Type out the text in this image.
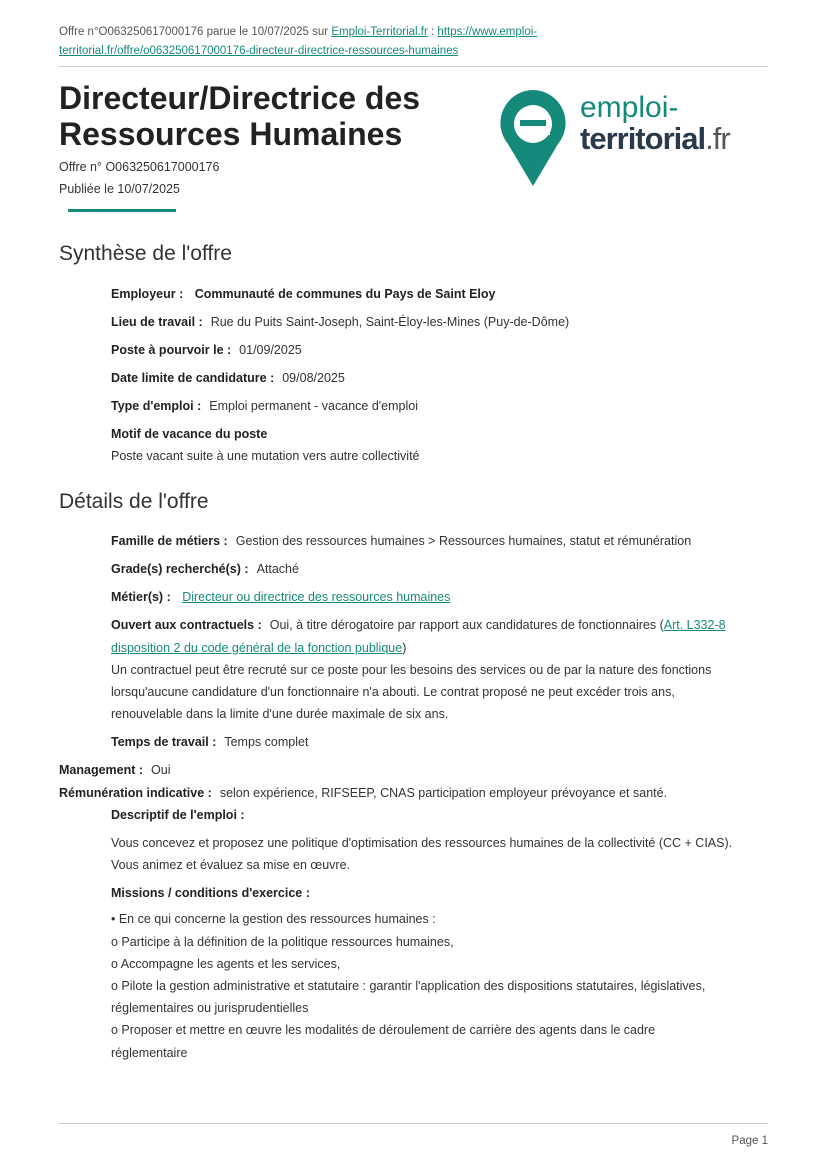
Offre n°O063250617000176 parue le 10/07/2025 sur Emploi-Territorial.fr : https://www.emploi-
territorial.fr/offre/o063250617000176-directeur-directrice-ressources-humaines
Directeur/Directrice des
Ressources Humaines
Offre n° O063250617000176
Publiée le 10/07/2025
emploi-
territorial.fr
Synthèse de l'offre
Employeur : Communauté de communes du Pays de Saint Eloy
Lieu de travail : Rue du Puits Saint-Joseph, Saint-Éloy-les-Mines (Puy-de-Dôme)
Poste à pourvoir le : 01/09/2025
Date limite de candidature : 09/08/2025
Type d'emploi : Emploi permanent - vacance d'emploi
Motif de vacance du poste
Poste vacant suite à une mutation vers autre collectivité
Détails de l'offre
Famille de métiers : Gestion des ressources humaines > Ressources humaines, statut et rémunération
Grade(s) recherché(s) : Attaché
Métier(s) : Directeur ou directrice des ressources humaines
Ouvert aux contractuels : Oui, à titre dérogatoire par rapport aux candidatures de fonctionnaires (Art. L332-8
disposition 2 du code général de la fonction publique)
Un contractuel peut être recruté sur ce poste pour les besoins des services ou de par la nature des fonctions
lorsqu'aucune candidature d'un fonctionnaire n'a abouti. Le contrat proposé ne peut excéder trois ans,
renouvelable dans la limite d'une durée maximale de six ans.
Temps de travail : Temps complet
Management : Oui
Rémunération indicative : selon expérience, RIFSEEP, CNAS participation employeur prévoyance et santé.
Descriptif de l'emploi :
Vous concevez et proposez une politique d'optimisation des ressources humaines de la collectivité (CC + CIAS).
Vous animez et évaluez sa mise en œuvre.
Missions / conditions d'exercice :
• En ce qui concerne la gestion des ressources humaines :
o Participe à la définition de la politique ressources humaines,
o Accompagne les agents et les services,
o Pilote la gestion administrative et statutaire : garantir l'application des dispositions statutaires, législatives,
réglementaires ou jurisprudentielles
o Proposer et mettre en œuvre les modalités de déroulement de carrière des agents dans le cadre
réglementaire
Page 1
